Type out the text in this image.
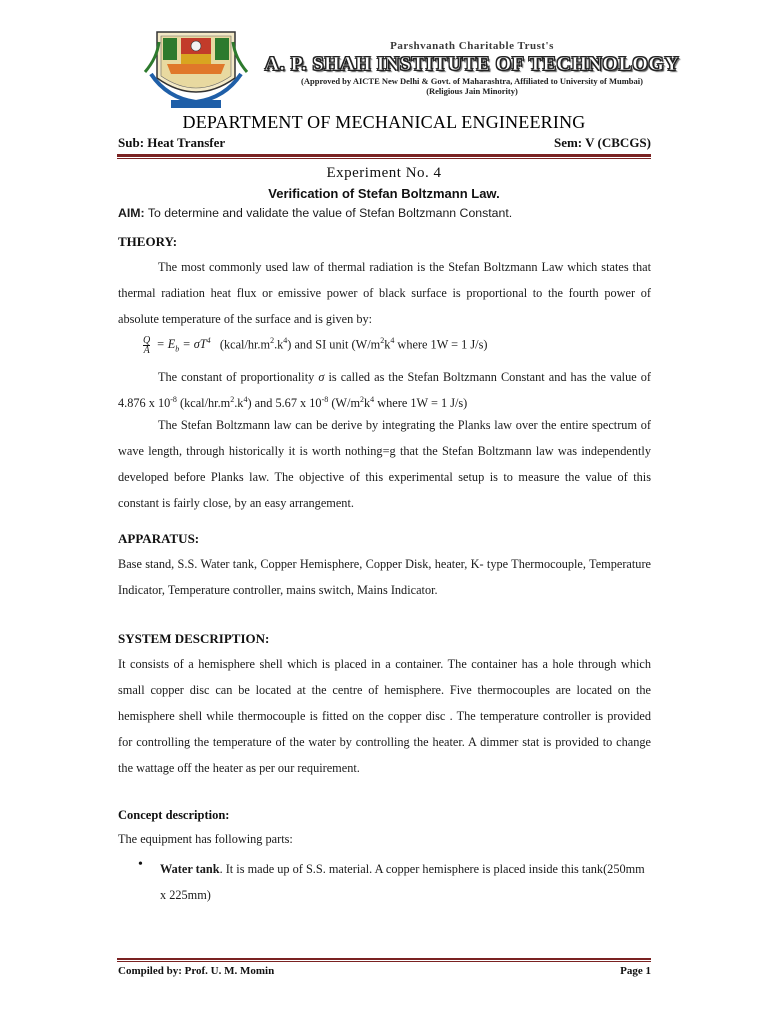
Parshvanath Charitable Trust's
A. P. SHAH INSTITUTE OF TECHNOLOGY
(Approved by AICTE New Delhi & Govt. of Maharashtra, Affiliated to University of Mumbai)
(Religious Jain Minority)
DEPARTMENT OF MECHANICAL ENGINEERING
Sub: Heat Transfer	Sem: V (CBCGS)
Experiment No. 4
Verification of Stefan Boltzmann Law.
AIM: To determine and validate the value of Stefan Boltzmann Constant.
THEORY:
The most commonly used law of thermal radiation is the Stefan Boltzmann Law which states that thermal radiation heat flux or emissive power of black surface is proportional to the fourth power of absolute temperature of the surface and is given by:
Q

$A = E_b = \sigma T^4$   $(kcal/hr.m^2.k^4)$ and SI unit ($W/m^2k^4$ where 1W = 1 J/s)
The constant of proportionality σ is called as the Stefan Boltzmann Constant and has the value of 4.876 x $10^{-8}$ $(kcal/hr.m^2.k^4)$ and 5.67 x $10^{-8}$ ($W/m^2k^4$ where 1W = 1 J/s)
The Stefan Boltzmann law can be derive by integrating the Planks law over the entire spectrum of wave length, through historically it is worth nothing=g that the Stefan Boltzmann law was independently developed before Planks law. The objective of this experimental setup is to measure the value of this constant is fairly close, by an easy arrangement.
APPARATUS:
Base stand, S.S. Water tank, Copper Hemisphere, Copper Disk, heater, K- type Thermocouple, Temperature Indicator, Temperature controller, mains switch, Mains Indicator.
SYSTEM DESCRIPTION:
It consists of a hemisphere shell which is placed in a container. The container has a hole through which small copper disc can be located at the centre of hemisphere. Five thermocouples are located on the hemisphere shell while thermocouple is fitted on the copper disc . The temperature controller is provided for controlling the temperature of the water by controlling the heater. A dimmer stat is provided to change the wattage off the heater as per our requirement.
Concept description:
The equipment has following parts:
• Water tank. It is made up of S.S. material. A copper hemisphere is placed inside this tank(250mm x 225mm)
Compiled by: Prof. U. M. Momin	Page 1
